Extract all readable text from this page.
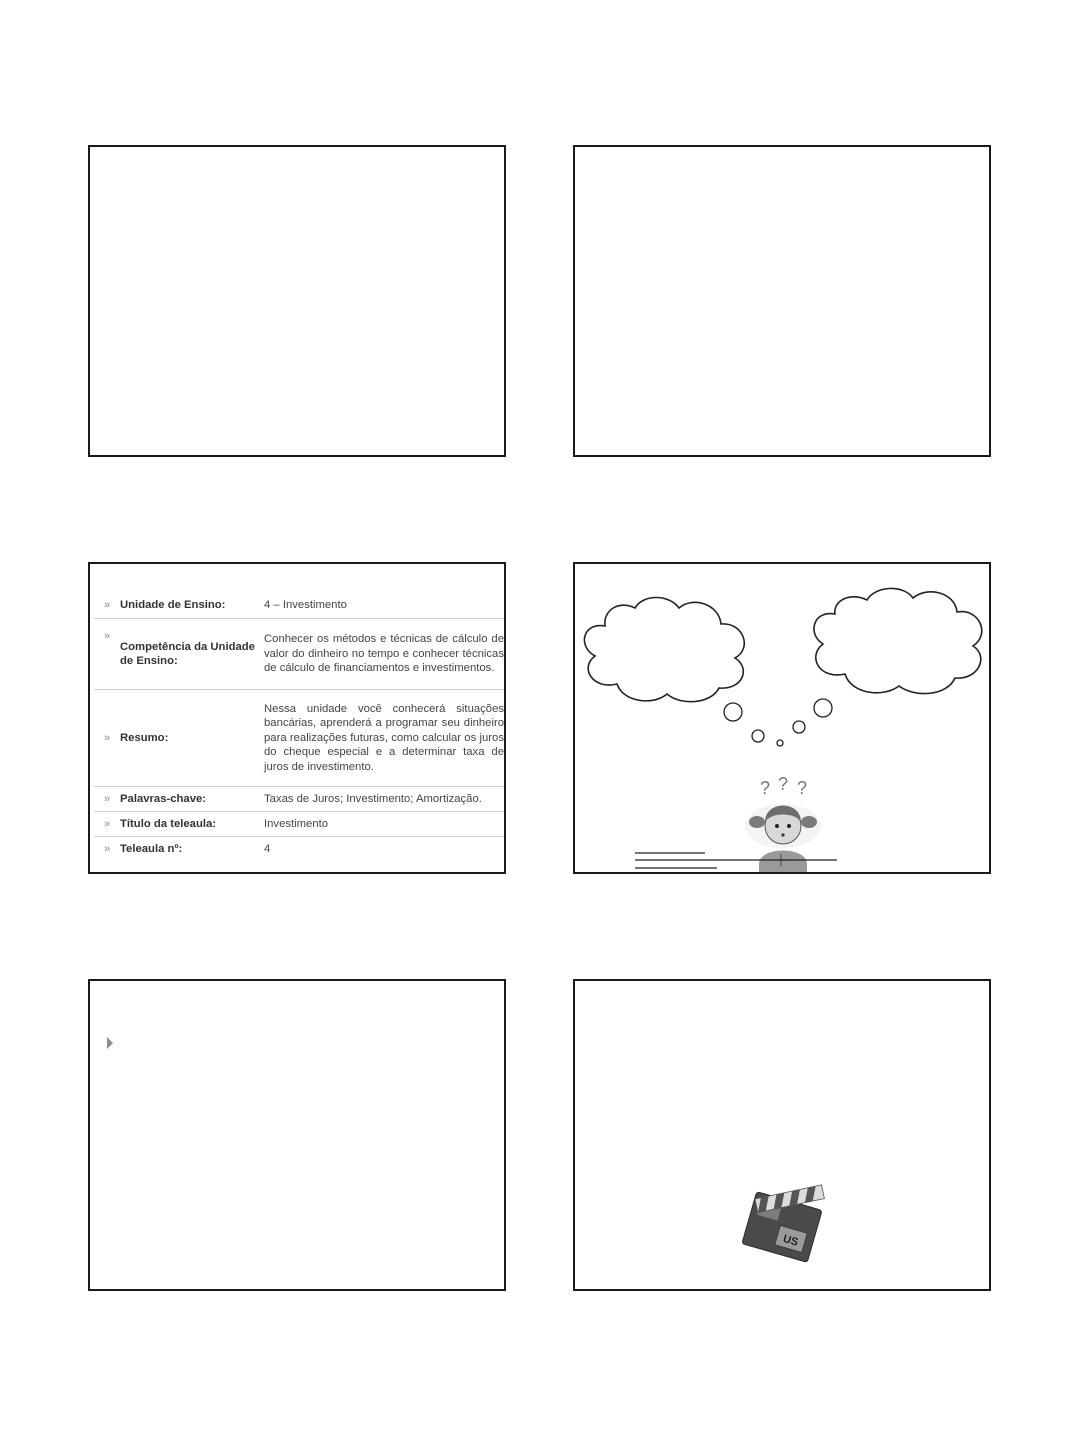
» Unidade de Ensino:	4 – Investimento
»
Competência da Unidade de Ensino:
Conhecer os métodos e técnicas de cálculo de valor do dinheiro no tempo e conhecer técnicas de cálculo de financiamentos e investimentos.
» Resumo:
Nessa unidade você conhecerá situações bancárias, aprenderá a programar seu dinheiro para realizações futuras, como calcular os juros do cheque especial e a determinar taxa de juros de investimento.
» Palavras-chave:	Taxas de Juros; Investimento; Amortização.
» Título da teleaula:	Investimento
» Teleaula nº:	4
? ? ?
US
